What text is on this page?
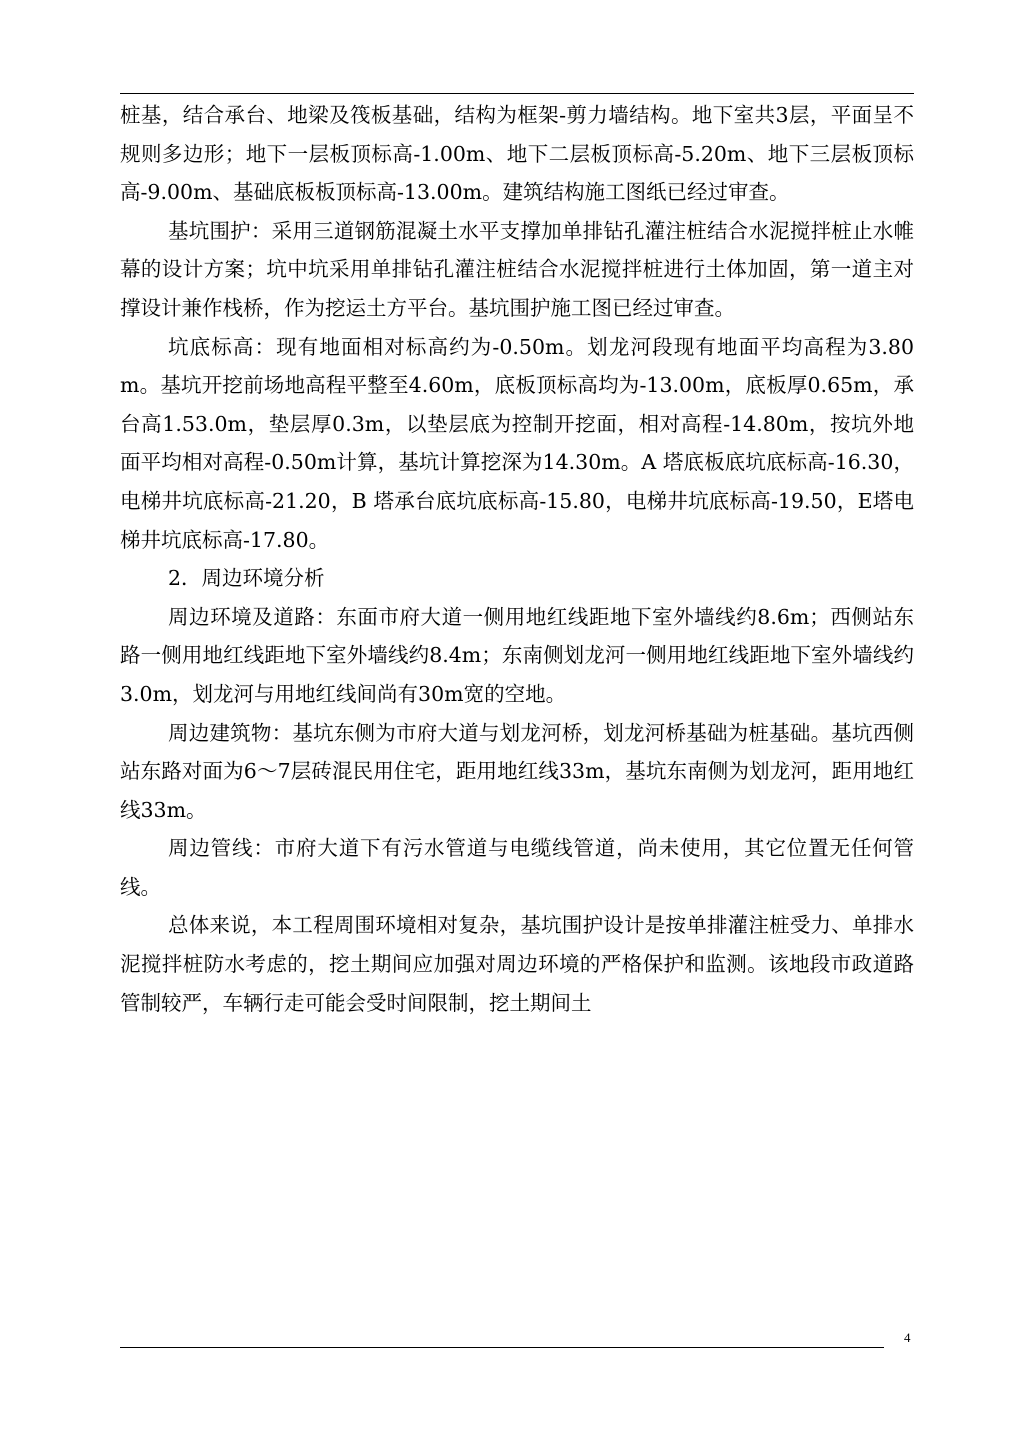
桩基，结合承台、地梁及筏板基础，结构为框架-剪力墙结构。地下室共3层，平面呈不规则多边形；地下一层板顶标高-1.00m、地下二层板顶标高-5.20m、地下三层板顶标高-9.00m、基础底板板顶标高-13.00m。建筑结构施工图纸已经过审查。

基坑围护：采用三道钢筋混凝土水平支撑加单排钻孔灌注桩结合水泥搅拌桩止水帷幕的设计方案；坑中坑采用单排钻孔灌注桩结合水泥搅拌桩进行土体加固，第一道主对撑设计兼作栈桥，作为挖运土方平台。基坑围护施工图已经过审查。

坑底标高：现有地面相对标高约为-0.50m。划龙河段现有地面平均高程为3.80m。基坑开挖前场地高程平整至4.60m，底板顶标高均为-13.00m，底板厚0.65m，承台高1.53.0m，垫层厚0.3m，以垫层底为控制开挖面，相对高程-14.80m，按坑外地面平均相对高程-0.50m计算，基坑计算挖深为14.30m。A 塔底板底坑底标高-16.30，电梯井坑底标高-21.20，B 塔承台底坑底标高-15.80，电梯井坑底标高-19.50，E塔电梯井坑底标高-17.80。

2．周边环境分析

周边环境及道路：东面市府大道一侧用地红线距地下室外墙线约8.6m；西侧站东路一侧用地红线距地下室外墙线约8.4m；东南侧划龙河一侧用地红线距地下室外墙线约3.0m，划龙河与用地红线间尚有30m宽的空地。

周边建筑物：基坑东侧为市府大道与划龙河桥，划龙河桥基础为桩基础。基坑西侧站东路对面为6～7层砖混民用住宅，距用地红线33m，基坑东南侧为划龙河，距用地红线33m。

周边管线：市府大道下有污水管道与电缆线管道，尚未使用，其它位置无任何管线。

总体来说，本工程周围环境相对复杂，基坑围护设计是按单排灌注桩受力、单排水泥搅拌桩防水考虑的，挖土期间应加强对周边环境的严格保护和监测。该地段市政道路管制较严，车辆行走可能会受时间限制，挖土期间土

4
